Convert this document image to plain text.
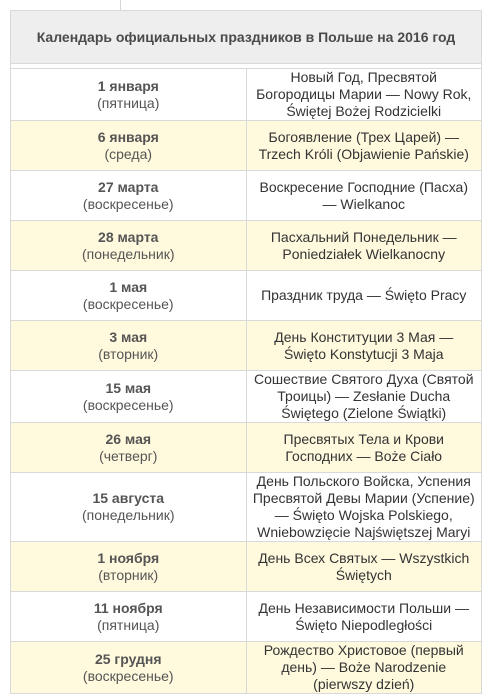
Календарь официальных праздников в Польше на 2016 год	

1 января
(пятница)	Новый Год, Пресвятой Богородицы Марии — Nowy Rok, Świętej Bożej Rodzicielki

6 января
(среда)	Богоявление (Трех Царей) — Trzech Króli (Objawienie Pańskie)

27 марта
(воскресенье)	Воскресение Господние (Пасха) — Wielkanoc

28 марта
(понедельник)	Пасхальний Понедельник — Poniedziałek Wielkanocny

1 мая
(воскресенье)	Праздник труда — Święto Pracy

3 мая
(вторник)	День Конституции 3 Мая — Święto Konstytucji 3 Maja

15 мая
(воскресенье)	Сошествие Святого Духа (Святой Троицы) — Zesłanie Ducha Świętego (Zielone Świątki)

26 мая
(четверг)	Пресвятых Тела и Крови Господних — Boże Ciało

15 августа
(понедельник)	День Польского Войска, Успения Пресвятой Девы Марии (Успение) — Święto Wojska Polskiego, Wniebowzięcie Najświętszej Maryi

1 ноября
(вторник)	День Всех Святых — Wszystkich Świętych

11 ноября
(пятница)	День Независимости Польши — Święto Niepodległości

25 грудня
(воскресенье)	Рождество Христовое (первый день) — Boże Narodzenie (pierwszy dzień)
